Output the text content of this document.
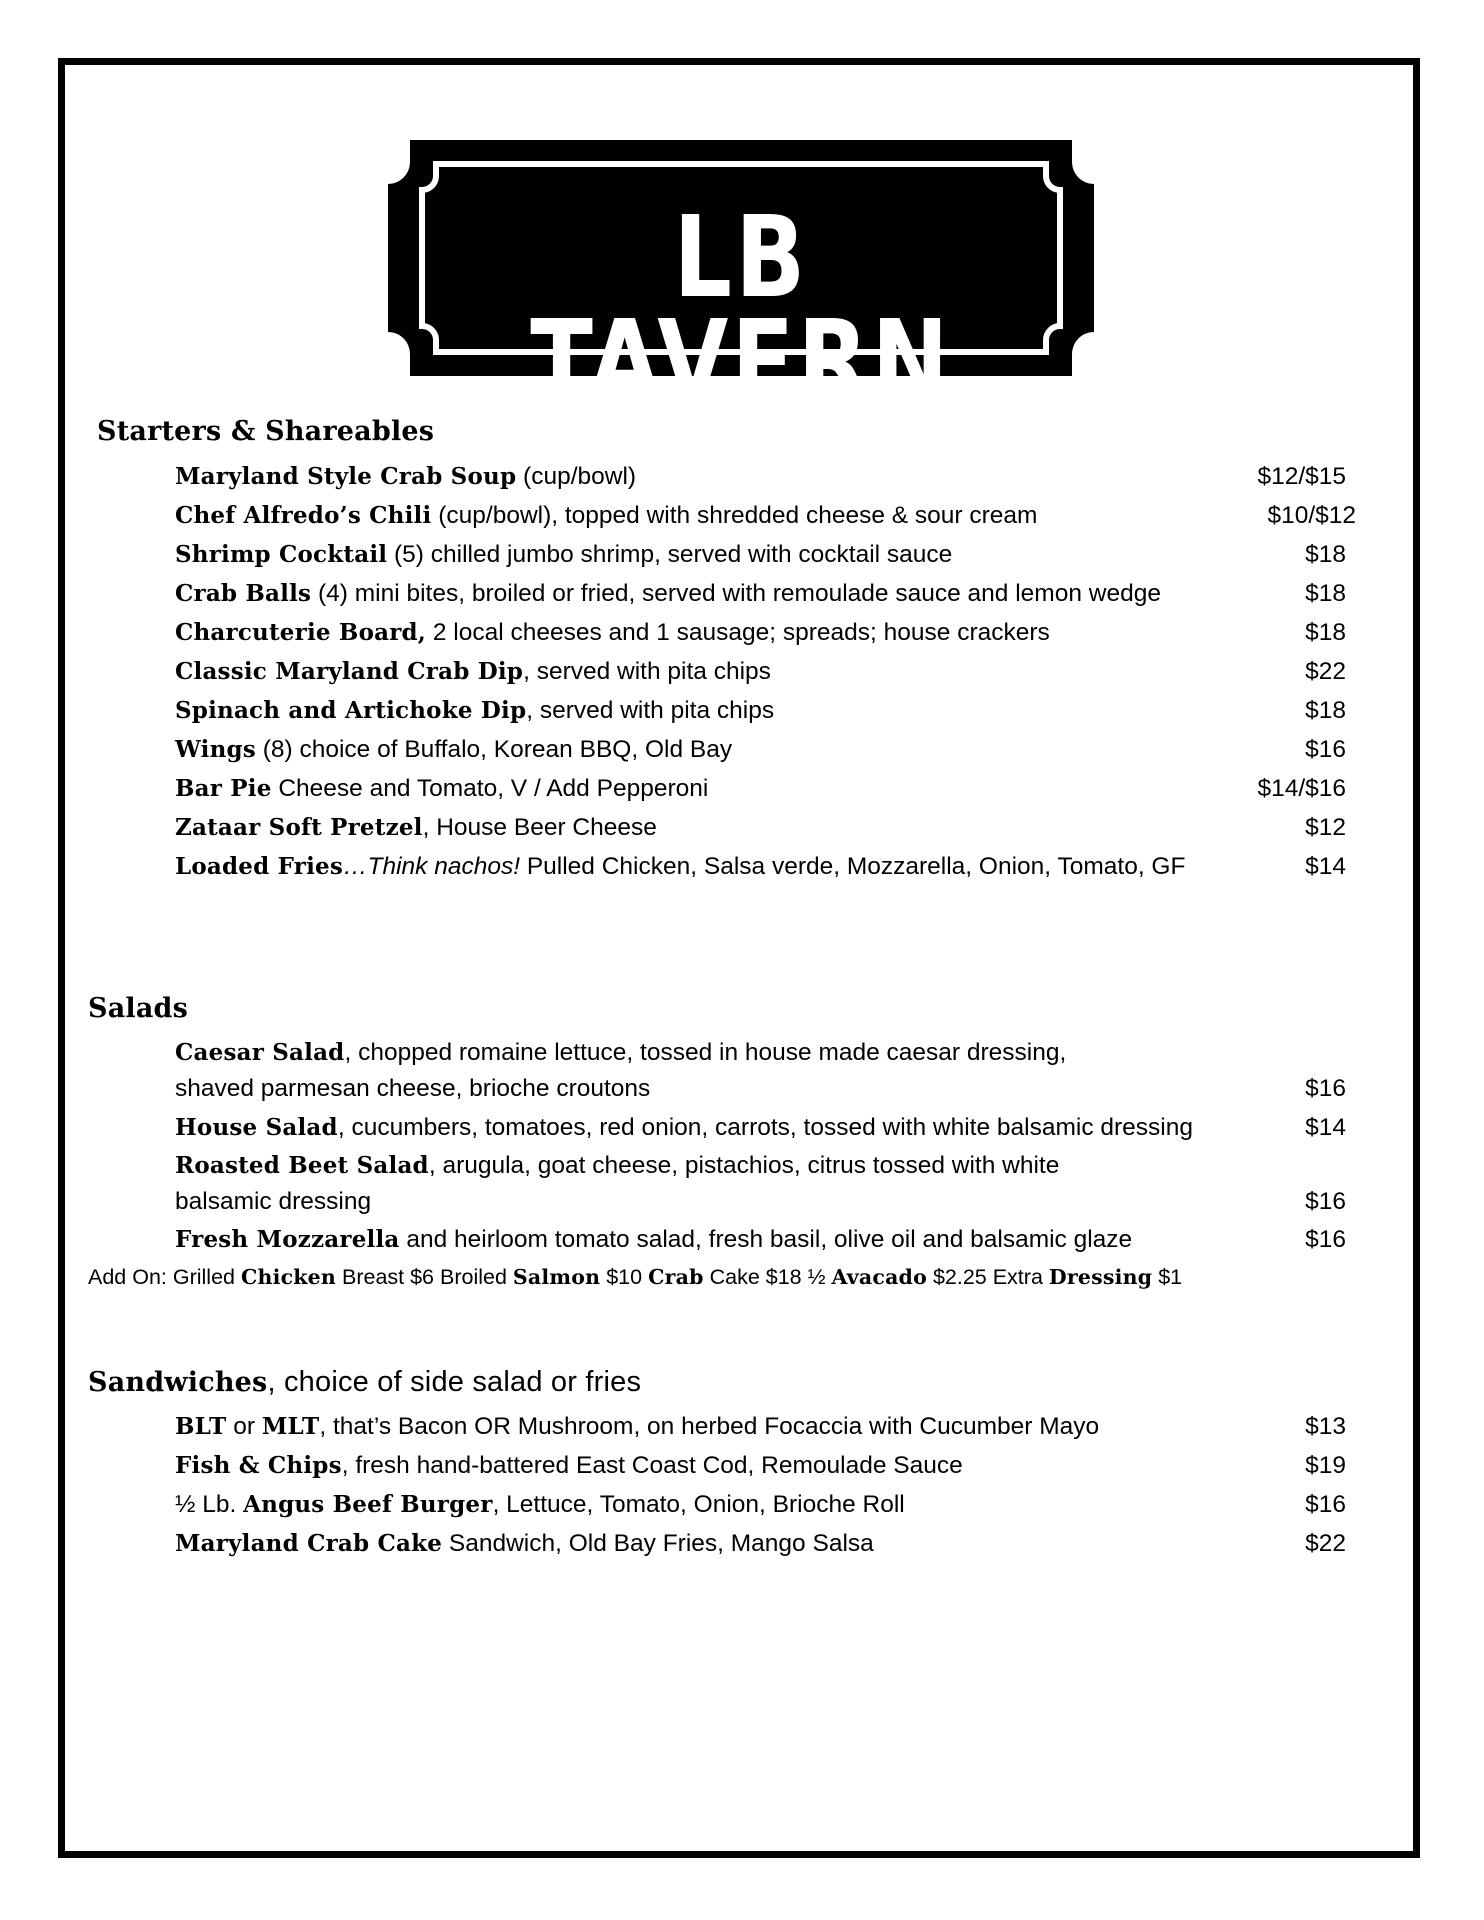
LB TAVERN
Starters & Shareables
Maryland Style Crab Soup (cup/bowl)	$12/$15
Chef Alfredo’s Chili (cup/bowl), topped with shredded cheese & sour cream	$10/$12
Shrimp Cocktail (5) chilled jumbo shrimp, served with cocktail sauce	$18
Crab Balls (4) mini bites, broiled or fried, served with remoulade sauce and lemon wedge	$18
Charcuterie Board, 2 local cheeses and 1 sausage; spreads; house crackers	$18
Classic Maryland Crab Dip, served with pita chips	$22
Spinach and Artichoke Dip, served with pita chips	$18
Wings (8) choice of Buffalo, Korean BBQ, Old Bay	$16
Bar Pie Cheese and Tomato, V / Add Pepperoni	$14/$16
Zataar Soft Pretzel, House Beer Cheese	$12
Loaded Fries…Think nachos! Pulled Chicken, Salsa verde, Mozzarella, Onion, Tomato, GF	$14
Salads
Caesar Salad, chopped romaine lettuce, tossed in house made caesar dressing,
shaved parmesan cheese, brioche croutons	$16
House Salad, cucumbers, tomatoes, red onion, carrots, tossed with white balsamic dressing	$14
Roasted Beet Salad, arugula, goat cheese, pistachios, citrus tossed with white
balsamic dressing	$16
Fresh Mozzarella and heirloom tomato salad, fresh basil, olive oil and balsamic glaze	$16
Add On: Grilled Chicken Breast $6 Broiled Salmon $10 Crab Cake $18 ½ Avacado $2.25 Extra Dressing $1
Sandwiches, choice of side salad or fries
BLT or MLT, that’s Bacon OR Mushroom, on herbed Focaccia with Cucumber Mayo	$13
Fish & Chips, fresh hand-battered East Coast Cod, Remoulade Sauce	$19
½ Lb. Angus Beef Burger, Lettuce, Tomato, Onion, Brioche Roll	$16
Maryland Crab Cake Sandwich, Old Bay Fries, Mango Salsa	$22
